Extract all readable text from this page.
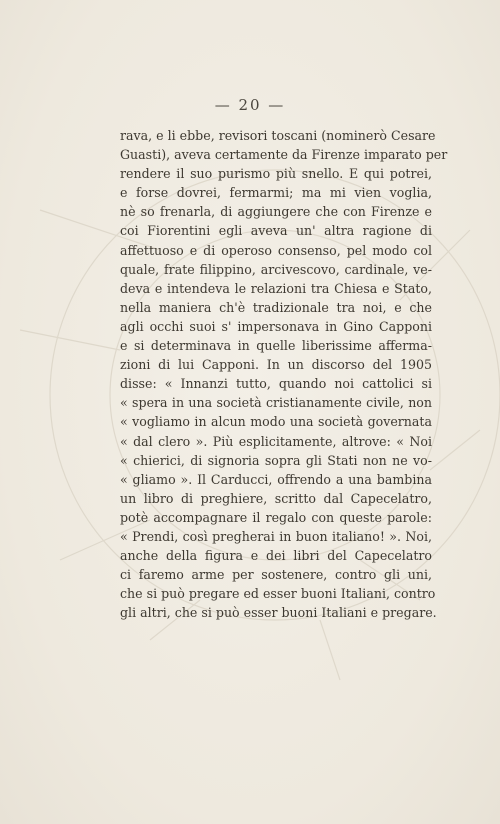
— 20 —
rava, e li ebbe, revisori toscani (nominerò Cesare
Guasti), aveva certamente da Firenze imparato per
rendere il suo purismo più snello. E qui potrei,
e forse dovrei, fermarmi; ma mi vien voglia,
nè so frenarla, di aggiungere che con Firenze e
coi Fiorentini egli aveva un' altra ragione di
affettuoso e di operoso consenso, pel modo col
quale, frate filippino, arcivescovo, cardinale, ve-
deva e intendeva le relazioni tra Chiesa e Stato,
nella maniera ch'è tradizionale tra noi, e che
agli occhi suoi s' impersonava in Gino Capponi
e si determinava in quelle liberissime afferma-
zioni di lui Capponi. In un discorso del 1905
disse: « Innanzi tutto, quando noi cattolici si
« spera in una società cristianamente civile, non
« vogliamo in alcun modo una società governata
« dal clero ». Più esplicitamente, altrove: « Noi
« chierici, di signoria sopra gli Stati non ne vo-
« gliamo ». Il Carducci, offrendo a una bambina
un libro di preghiere, scritto dal Capecelatro,
potè accompagnare il regalo con queste parole:
« Prendi, così pregherai in buon italiano! ». Noi,
anche della figura e dei libri del Capecelatro
ci faremo arme per sostenere, contro gli uni,
che si può pregare ed esser buoni Italiani, contro
gli altri, che si può esser buoni Italiani e pregare.
